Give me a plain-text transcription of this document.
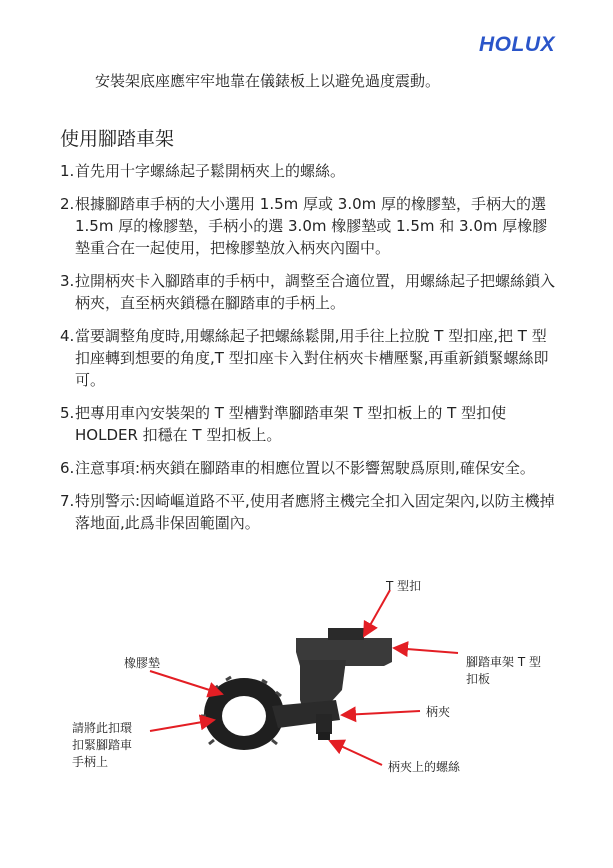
HOLUX
安裝架底座應牢牢地靠在儀錶板上以避免過度震動。
使用腳踏車架
1. 首先用十字螺絲起子鬆開柄夾上的螺絲。
2. 根據腳踏車手柄的大小選用 1.5m 厚或 3.0m 厚的橡膠墊，手柄大的選 1.5m 厚的橡膠墊，手柄小的選 3.0m 橡膠墊或 1.5m 和 3.0m 厚橡膠墊重合在一起使用，把橡膠墊放入柄夾內圈中。
3. 拉開柄夾卡入腳踏車的手柄中，調整至合適位置，用螺絲起子把螺絲鎖入柄夾，直至柄夾鎖穩在腳踏車的手柄上。
4. 當要調整角度時,用螺絲起子把螺絲鬆開,用手往上拉脫 T 型扣座,把 T 型扣座轉到想要的角度,T 型扣座卡入對住柄夾卡槽壓緊,再重新鎖緊螺絲即可。
5. 把專用車內安裝架的 T 型槽對準腳踏車架 T 型扣板上的 T 型扣使 HOLDER 扣穩在 T 型扣板上。
6. 注意事項:柄夾鎖在腳踏車的相應位置以不影響駕駛爲原則,確保安全。
7. 特別警示:因崎嶇道路不平,使用者應將主機完全扣入固定架內,以防主機掉落地面,此爲非保固範圍內。
T 型扣
橡膠墊	腳踏車架 T 型
扣板
柄夾
請將此扣環
扣緊腳踏車
手柄上	柄夾上的螺絲
